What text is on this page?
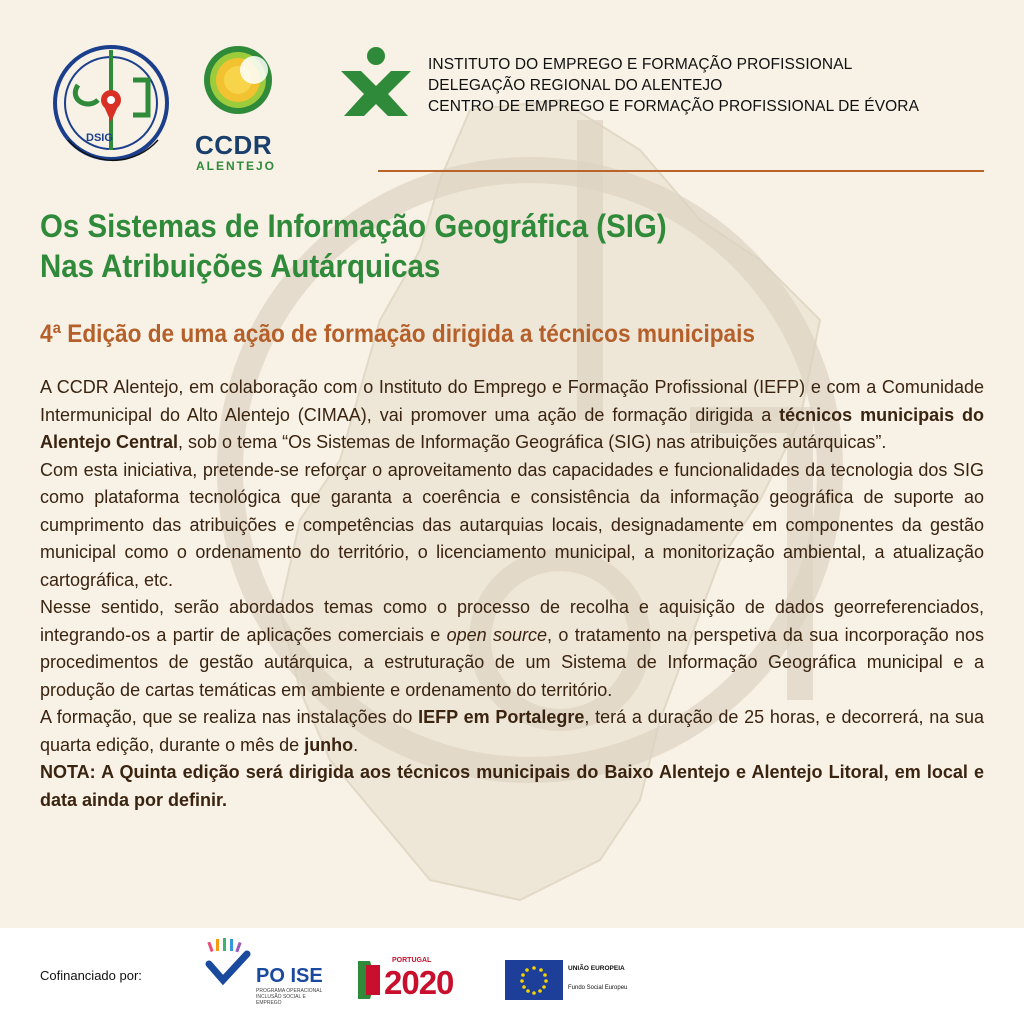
DSIG	CCDR
ALENTEJO
INSTITUTO DO EMPREGO E FORMAÇÃO PROFISSIONAL
DELEGAÇÃO REGIONAL DO ALENTEJO
CENTRO DE EMPREGO E FORMAÇÃO PROFISSIONAL DE ÉVORA
Os Sistemas de Informação Geográfica (SIG)
Nas Atribuições Autárquicas
4ª Edição de uma ação de formação dirigida a técnicos municipais

A CCDR Alentejo, em colaboração com o Instituto do Emprego e Formação Profissional (IEFP) e com a Comunidade Intermunicipal do Alto Alentejo (CIMAA), vai promover uma ação de formação dirigida a técnicos municipais do Alentejo Central, sob o tema “Os Sistemas de Informação Geográfica (SIG) nas atribuições autárquicas”.

Com esta iniciativa, pretende-se reforçar o aproveitamento das capacidades e funcionalidades da tecnologia dos SIG como plataforma tecnológica que garanta a coerência e consistência da informação geográfica de suporte ao cumprimento das atribuições e competências das autarquias locais, designadamente em componentes da gestão municipal como o ordenamento do território, o licenciamento municipal, a monitorização ambiental, a atualização cartográfica, etc.

Nesse sentido, serão abordados temas como o processo de recolha e aquisição de dados georreferenciados, integrando-os a partir de aplicações comerciais e open source, o tratamento na perspetiva da sua incorporação nos procedimentos de gestão autárquica, a estruturação de um Sistema de Informação Geográfica municipal e a produção de cartas temáticas em ambiente e ordenamento do território.

A formação, que se realiza nas instalações do IEFP em Portalegre, terá a duração de 25 horas, e decorrerá, na sua quarta edição, durante o mês de junho.

NOTA: A Quinta edição será dirigida aos técnicos municipais do Baixo Alentejo e Alentejo Litoral, em local e data ainda por definir.

Cofinanciado por:	PO ISE
PROGRAMA OPERACIONAL INCLUSÃO SOCIAL E EMPREGO
PORTUGAL
2020	UNIÃO EUROPEIA
Fundo Social Europeu
